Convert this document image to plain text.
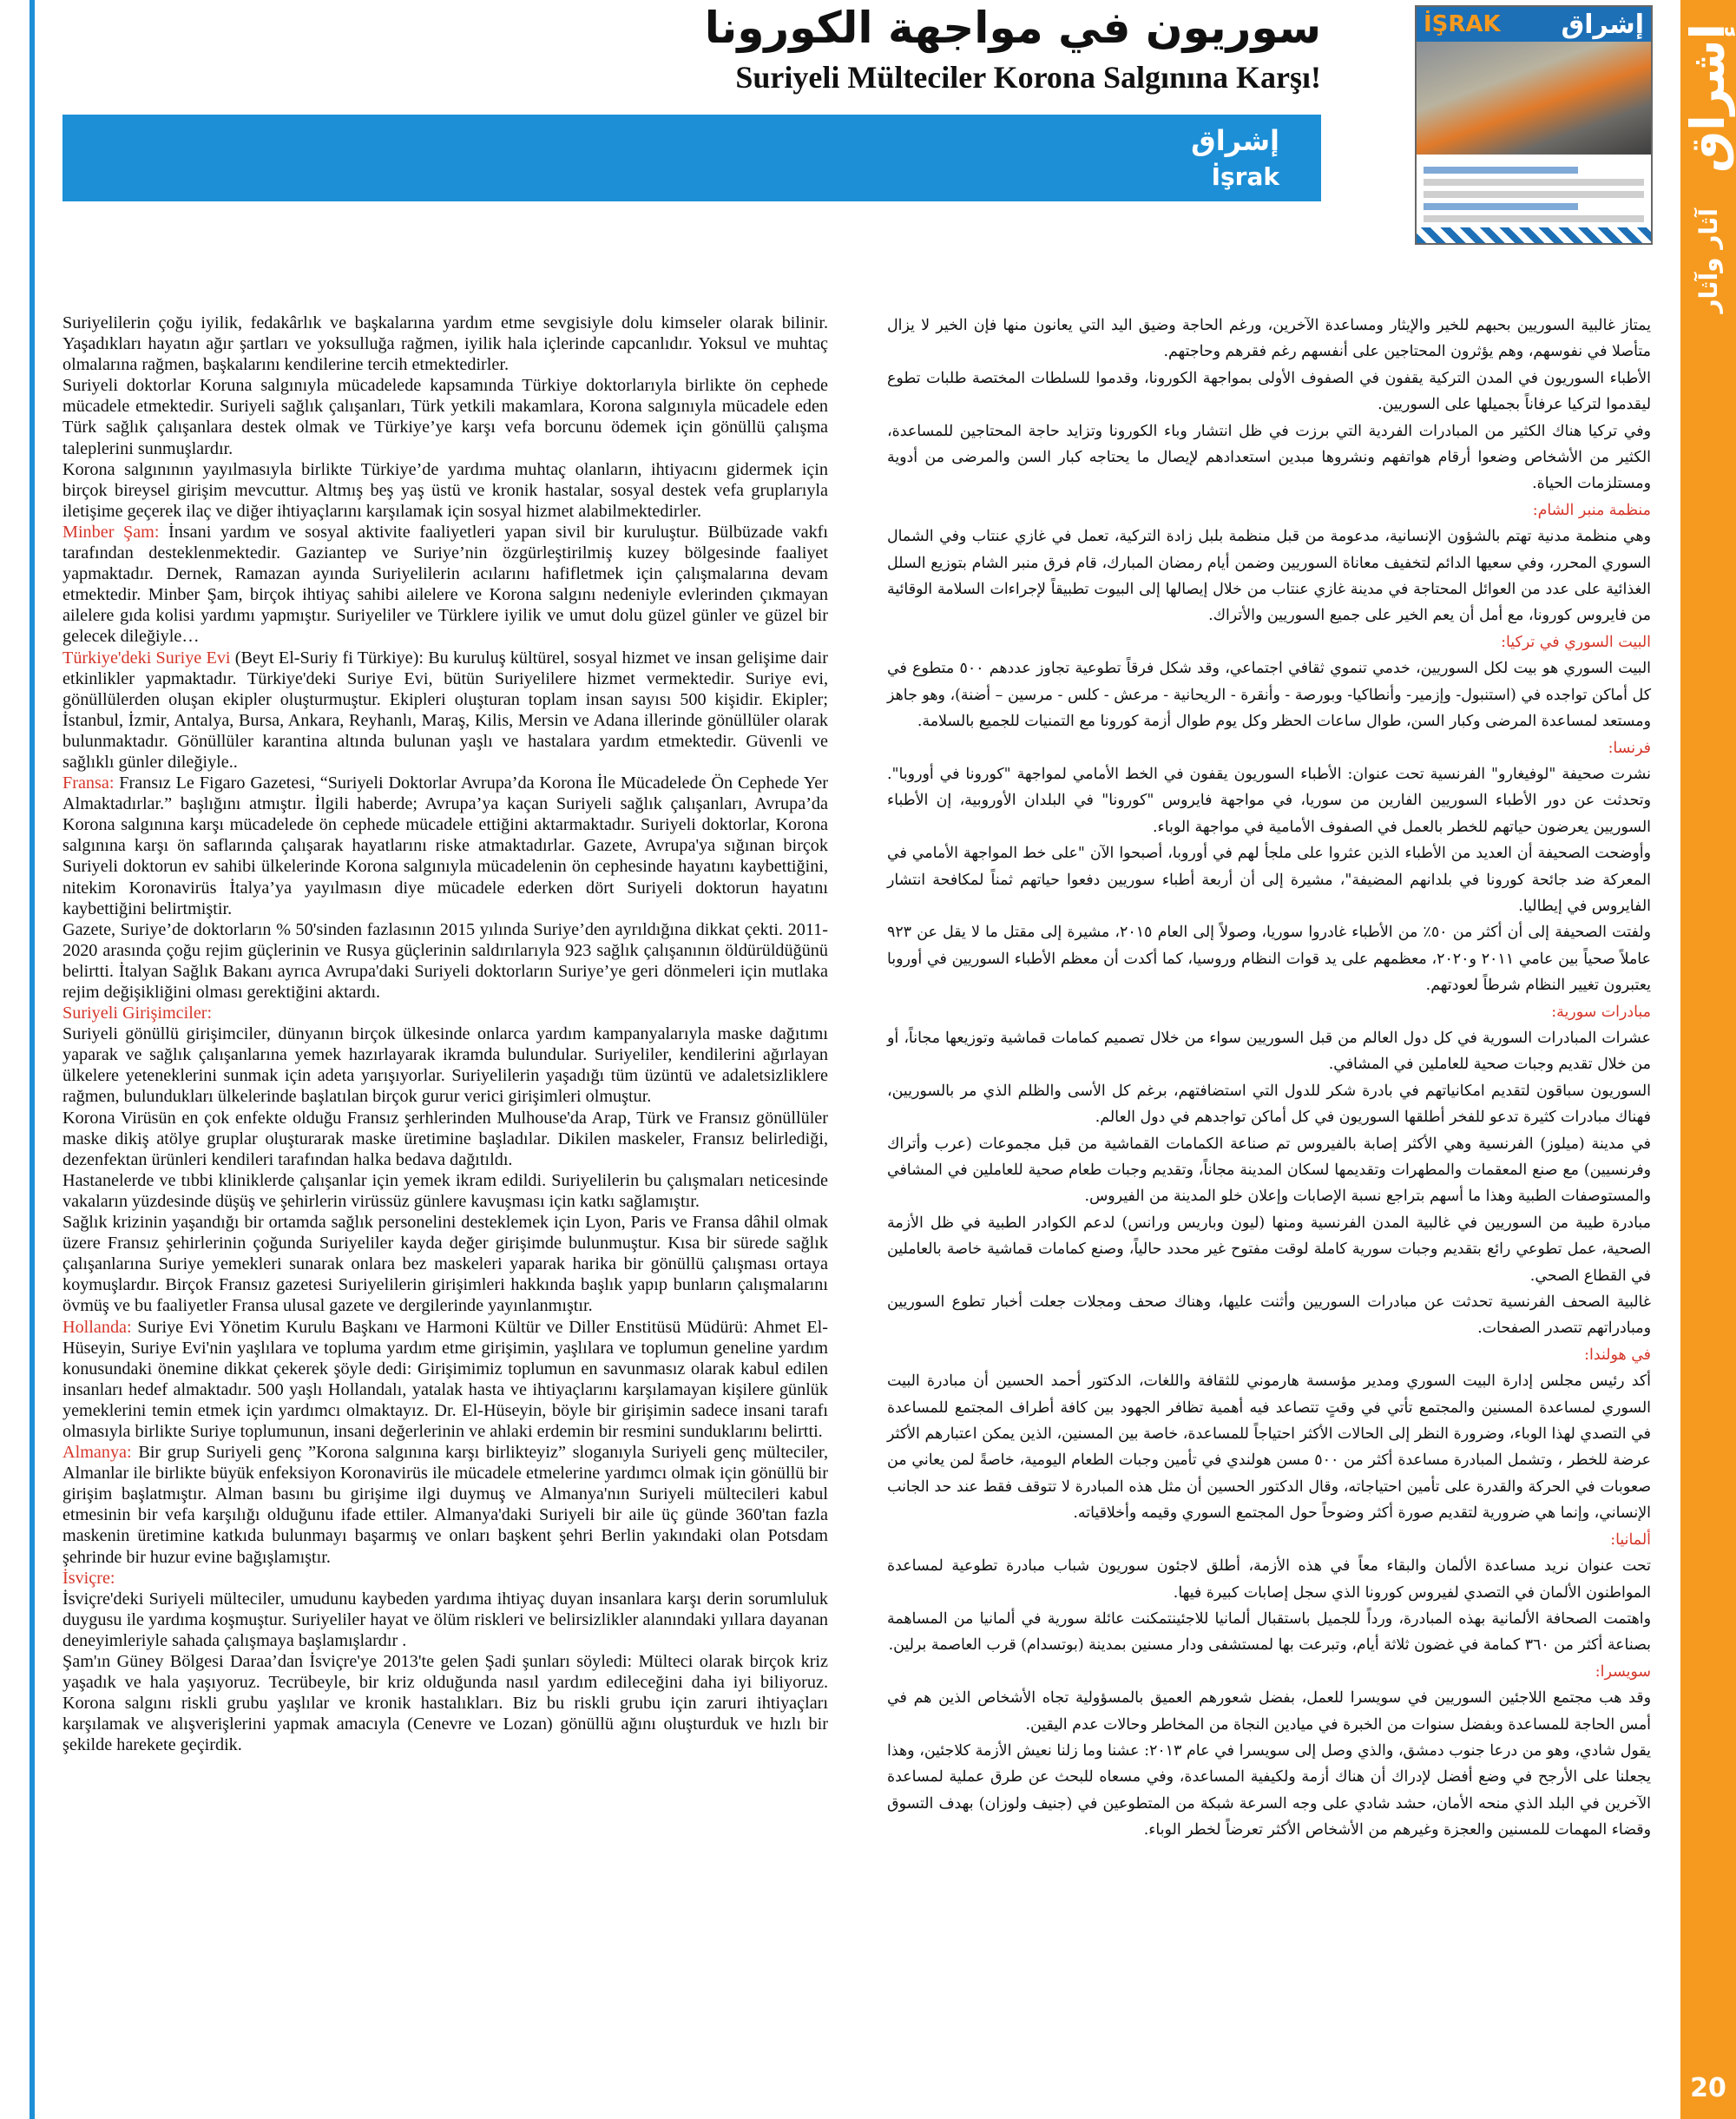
إشراق
آثار وآثار
20
İŞRAK إشراق
سوريون في مواجهة الكورونا
Suriyeli Mülteciler Korona Salgınına Karşı!
إشراق
İşrak

Suriyelilerin çoğu iyilik, fedakârlık ve başkalarına yardım etme sevgisiyle dolu kimseler olarak bilinir. Yaşadıkları hayatın ağır şartları ve yoksulluğa rağmen, iyilik hala içlerinde capcanlıdır. Yoksul ve muhtaç olmalarına rağmen, başkalarını kendilerine tercih etmektedirler.

Suriyeli doktorlar Koruna salgınıyla mücadelede kapsamında Türkiye doktorlarıyla birlikte ön cephede mücadele etmektedir. Suriyeli sağlık çalışanları, Türk yetkili makamlara, Korona salgınıyla mücadele eden Türk sağlık çalışanlara destek olmak ve Türkiye’ye karşı vefa borcunu ödemek için gönüllü çalışma taleplerini sunmuşlardır.

Korona salgınının yayılmasıyla birlikte Türkiye’de yardıma muhtaç olanların, ihtiyacını gidermek için birçok bireysel girişim mevcuttur. Altmış beş yaş üstü ve kronik hastalar, sosyal destek vefa gruplarıyla iletişime geçerek ilaç ve diğer ihtiyaçlarını karşılamak için sosyal hizmet alabilmektedirler.

Minber Şam: İnsani yardım ve sosyal aktivite faaliyetleri yapan sivil bir kuruluştur. Bülbüzade vakfı tarafından desteklenmektedir. Gaziantep ve Suriye’nin özgürleştirilmiş kuzey bölgesinde faaliyet yapmaktadır. Dernek, Ramazan ayında Suriyelilerin acılarını hafifletmek için çalışmalarına devam etmektedir. Minber Şam, birçok ihtiyaç sahibi ailelere ve Korona salgını nedeniyle evlerinden çıkmayan ailelere gıda kolisi yardımı yapmıştır. Suriyeliler ve Türklere iyilik ve umut dolu güzel günler ve güzel bir gelecek dileğiyle…

Türkiye'deki Suriye Evi (Beyt El-Suriy fi Türkiye): Bu kuruluş kültürel, sosyal hizmet ve insan gelişime dair etkinlikler yapmaktadır. Türkiye'deki Suriye Evi, bütün Suriyelilere hizmet vermektedir. Suriye evi, gönüllülerden oluşan ekipler oluşturmuştur. Ekipleri oluşturan toplam insan sayısı 500 kişidir. Ekipler; İstanbul, İzmir, Antalya, Bursa, Ankara, Reyhanlı, Maraş, Kilis, Mersin ve Adana illerinde gönüllüler olarak bulunmaktadır. Gönüllüler karantina altında bulunan yaşlı ve hastalara yardım etmektedir. Güvenli ve sağlıklı günler dileğiyle..

Fransa: Fransız Le Figaro Gazetesi, “Suriyeli Doktorlar Avrupa’da Korona İle Mücadelede Ön Cephede Yer Almaktadırlar.” başlığını atmıştır. İlgili haberde; Avrupa’ya kaçan Suriyeli sağlık çalışanları, Avrupa’da Korona salgınına karşı mücadelede ön cephede mücadele ettiğini aktarmaktadır. Suriyeli doktorlar, Korona salgınına karşı ön saflarında çalışarak hayatlarını riske atmaktadırlar. Gazete, Avrupa'ya sığınan birçok Suriyeli doktorun ev sahibi ülkelerinde Korona salgınıyla mücadelenin ön cephesinde hayatını kaybettiğini, nitekim Koronavirüs İtalya’ya yayılmasın diye mücadele ederken dört Suriyeli doktorun hayatını kaybettiğini belirtmiştir.

Gazete, Suriye’de doktorların % 50'sinden fazlasının 2015 yılında Suriye’den ayrıldığına dikkat çekti. 2011-2020 arasında çoğu rejim güçlerinin ve Rusya güçlerinin saldırılarıyla 923 sağlık çalışanının öldürüldüğünü belirtti. İtalyan Sağlık Bakanı ayrıca Avrupa'daki Suriyeli doktorların Suriye’ye geri dönmeleri için mutlaka rejim değişikliğini olması gerektiğini aktardı.

Suriyeli Girişimciler:

Suriyeli gönüllü girişimciler, dünyanın birçok ülkesinde onlarca yardım kampanyalarıyla maske dağıtımı yaparak ve sağlık çalışanlarına yemek hazırlayarak ikramda bulundular. Suriyeliler, kendilerini ağırlayan ülkelere yeteneklerini sunmak için adeta yarışıyorlar. Suriyelilerin yaşadığı tüm üzüntü ve adaletsizliklere rağmen, bulundukları ülkelerinde başlatılan birçok gurur verici girişimleri olmuştur.

Korona Virüsün en çok enfekte olduğu Fransız şerhlerinden Mulhouse'da Arap, Türk ve Fransız gönüllüler maske dikiş atölye gruplar oluşturarak maske üretimine başladılar. Dikilen maskeler, Fransız belirlediği, dezenfektan ürünleri kendileri tarafından halka bedava dağıtıldı.

Hastanelerde ve tıbbi kliniklerde çalışanlar için yemek ikram edildi. Suriyelilerin bu çalışmaları neticesinde vakaların yüzdesinde düşüş ve şehirlerin virüssüz günlere kavuşması için katkı sağlamıştır.

Sağlık krizinin yaşandığı bir ortamda sağlık personelini desteklemek için Lyon, Paris ve Fransa dâhil olmak üzere Fransız şehirlerinin çoğunda Suriyeliler kayda değer girişimde bulunmuştur. Kısa bir sürede sağlık çalışanlarına Suriye yemekleri sunarak onlara bez maskeleri yaparak harika bir gönüllü çalışması ortaya koymuşlardır. Birçok Fransız gazetesi Suriyelilerin girişimleri hakkında başlık yapıp bunların çalışmalarını övmüş ve bu faaliyetler Fransa ulusal gazete ve dergilerinde yayınlanmıştır.

Hollanda: Suriye Evi Yönetim Kurulu Başkanı ve Harmoni Kültür ve Diller Enstitüsü Müdürü: Ahmet El-Hüseyin, Suriye Evi'nin yaşlılara ve topluma yardım etme girişimin, yaşlılara ve toplumun geneline yardım konusundaki önemine dikkat çekerek şöyle dedi: Girişimimiz toplumun en savunmasız olarak kabul edilen insanları hedef almaktadır. 500 yaşlı Hollandalı, yatalak hasta ve ihtiyaçlarını karşılamayan kişilere günlük yemeklerini temin etmek için yardımcı olmaktayız. Dr. El-Hüseyin, böyle bir girişimin sadece insani tarafı olmasıyla birlikte Suriye toplumunun, insani değerlerinin ve ahlaki erdemin bir resmini sunduklarını belirtti.

Almanya: Bir grup Suriyeli genç ”Korona salgınına karşı birlikteyiz” sloganıyla Suriyeli genç mülteciler, Almanlar ile birlikte büyük enfeksiyon Koronavirüs ile mücadele etmelerine yardımcı olmak için gönüllü bir girişim başlatmıştır. Alman basını bu girişime ilgi duymuş ve Almanya'nın Suriyeli mültecileri kabul etmesinin bir vefa karşılığı olduğunu ifade ettiler. Almanya'daki Suriyeli bir aile üç günde 360'tan fazla maskenin üretimine katkıda bulunmayı başarmış ve onları başkent şehri Berlin yakındaki olan Potsdam şehrinde bir huzur evine bağışlamıştır.

İsviçre:

İsviçre'deki Suriyeli mülteciler, umudunu kaybeden yardıma ihtiyaç duyan insanlara karşı derin sorumluluk duygusu ile yardıma koşmuştur. Suriyeliler hayat ve ölüm riskleri ve belirsizlikler alanındaki yıllara dayanan deneyimleriyle sahada çalışmaya başlamışlardır .

Şam'ın Güney Bölgesi Daraa’dan İsviçre'ye 2013'te gelen Şadi şunları söyledi: Mülteci olarak birçok kriz yaşadık ve hala yaşıyoruz. Tecrübeyle, bir kriz olduğunda nasıl yardım edileceğini daha iyi biliyoruz. Korona salgını riskli grubu yaşlılar ve kronik hastalıkları. Biz bu riskli grubu için zaruri ihtiyaçları karşılamak ve alışverişlerini yapmak amacıyla (Cenevre ve Lozan) gönüllü ağını oluşturduk ve hızlı bir şekilde harekete geçirdik.

يمتاز غالبية السوريين بحبهم للخير والإيثار ومساعدة الآخرين، ورغم الحاجة وضيق اليد التي يعانون منها فإن الخير لا يزال متأصلا في نفوسهم، وهم يؤثرون المحتاجين على أنفسهم رغم فقرهم وحاجتهم.

الأطباء السوريون في المدن التركية يقفون في الصفوف الأولى بمواجهة الكورونا، وقدموا للسلطات المختصة طلبات تطوع ليقدموا لتركيا عرفاناً بجميلها على السوريين.

وفي تركيا هناك الكثير من المبادرات الفردية التي برزت في ظل انتشار وباء الكورونا وتزايد حاجة المحتاجين للمساعدة، الكثير من الأشخاص وضعوا أرقام هواتفهم ونشروها مبدين استعدادهم لإيصال ما يحتاجه كبار السن والمرضى من أدوية ومستلزمات الحياة.

منظمة منبر الشام:

وهي منظمة مدنية تهتم بالشؤون الإنسانية، مدعومة من قبل منظمة بلبل زادة التركية، تعمل في غازي عنتاب وفي الشمال السوري المحرر، وفي سعيها الدائم لتخفيف معاناة السوريين وضمن أيام رمضان المبارك، قام فرق منبر الشام بتوزيع السلل الغذائية على عدد من العوائل المحتاجة في مدينة غازي عنتاب من خلال إيصالها إلى البيوت تطبيقاً لإجراءات السلامة الوقائية من فايروس كورونا، مع أمل أن يعم الخير على جميع السوريين والأتراك.

البيت السوري في تركيا:

البيت السوري هو بيت لكل السوريين، خدمي تنموي ثقافي اجتماعي، وقد شكل فرقاً تطوعية تجاوز عددهم ٥٠٠ متطوع في كل أماكن تواجده في (استنبول- وإزمير- وأنطاكيا- وبورصة - وأنقرة - الريحانية - مرعش - كلس - مرسين – أضنة)، وهو جاهز ومستعد لمساعدة المرضى وكبار السن، طوال ساعات الحظر وكل يوم طوال أزمة كورونا مع التمنيات للجميع بالسلامة.

فرنسا:

نشرت صحيفة "لوفيغارو" الفرنسية تحت عنوان: الأطباء السوريون يقفون في الخط الأمامي لمواجهة "كورونا في أوروبا". وتحدثت عن دور الأطباء السوريين الفارين من سوريا، في مواجهة فايروس "كورونا" في البلدان الأوروبية، إن الأطباء السوريين يعرضون حياتهم للخطر بالعمل في الصفوف الأمامية في مواجهة الوباء.

وأوضحت الصحيفة أن العديد من الأطباء الذين عثروا على ملجأ لهم في أوروبا، أصبحوا الآن "على خط المواجهة الأمامي في المعركة ضد جائحة كورونا في بلدانهم المضيفة"، مشيرة إلى أن أربعة أطباء سوريين دفعوا حياتهم ثمناً لمكافحة انتشار الفايروس في إيطاليا.

ولفتت الصحيفة إلى أن أكثر من ٥٠٪ من الأطباء غادروا سوريا، وصولاً إلى العام ٢٠١٥، مشيرة إلى مقتل ما لا يقل عن ٩٢٣ عاملاً صحياً بين عامي ٢٠١١ و٢٠٢٠، معظمهم على يد قوات النظام وروسيا، كما أكدت أن معظم الأطباء السوريين في أوروبا يعتبرون تغيير النظام شرطاً لعودتهم.

مبادرات سورية:

عشرات المبادرات السورية في كل دول العالم من قبل السوريين سواء من خلال تصميم كمامات قماشية وتوزيعها مجاناً، أو من خلال تقديم وجبات صحية للعاملين في المشافي.

السوريون سباقون لتقديم امكانياتهم في بادرة شكر للدول التي استضافتهم، برغم كل الأسى والظلم الذي مر بالسوريين، فهناك مبادرات كثيرة تدعو للفخر أطلقها السوريون في كل أماكن تواجدهم في دول العالم.

في مدينة (ميلوز) الفرنسية وهي الأكثر إصابة بالفيروس تم صناعة الكمامات القماشية من قبل مجموعات (عرب وأتراك وفرنسيين) مع صنع المعقمات والمطهرات وتقديمها لسكان المدينة مجاناً، وتقديم وجبات طعام صحية للعاملين في المشافي والمستوصفات الطبية وهذا ما أسهم بتراجع نسبة الإصابات وإعلان خلو المدينة من الفيروس.

مبادرة طيبة من السوريين في غالبية المدن الفرنسية ومنها (ليون وباريس ورانس) لدعم الكوادر الطبية في ظل الأزمة الصحية، عمل تطوعي رائع بتقديم وجبات سورية كاملة لوقت مفتوح غير محدد حالياً، وصنع كمامات قماشية خاصة بالعاملين في القطاع الصحي.

غالبية الصحف الفرنسية تحدثت عن مبادرات السوريين وأثنت عليها، وهناك صحف ومجلات جعلت أخبار تطوع السوريين ومبادراتهم تتصدر الصفحات.

في هولندا:

أكد رئيس مجلس إدارة البيت السوري ومدير مؤسسة هارموني للثقافة واللغات، الدكتور أحمد الحسين أن مبادرة البيت السوري لمساعدة المسنين والمجتمع تأتي في وقتٍ تتصاعد فيه أهمية تظافر الجهود بين كافة أطراف المجتمع للمساعدة في التصدي لهذا الوباء، وضرورة النظر إلى الحالات الأكثر احتياجاً للمساعدة، خاصة بين المسنين، الذين يمكن اعتبارهم الأكثر عرضة للخطر ، وتشمل المبادرة مساعدة أكثر من ٥٠٠ مسن هولندي في تأمين وجبات الطعام اليومية، خاصةً لمن يعاني من صعوبات في الحركة والقدرة على تأمين احتياجاته، وقال الدكتور الحسين أن مثل هذه المبادرة لا تتوقف فقط عند حد الجانب الإنساني، وإنما هي ضرورية لتقديم صورة أكثر وضوحاً حول المجتمع السوري وقيمه وأخلاقياته.

ألمانيا:

تحت عنوان نريد مساعدة الألمان والبقاء معاً في هذه الأزمة، أطلق لاجئون سوريون شباب مبادرة تطوعية لمساعدة المواطنون الألمان في التصدي لفيروس كورونا الذي سجل إصابات كبيرة فيها.

واهتمت الصحافة الألمانية بهذه المبادرة، ورداً للجميل باستقبال ألمانيا للاجئينتمكنت عائلة سورية في ألمانيا من المساهمة بصناعة أكثر من ٣٦٠ كمامة في غضون ثلاثة أيام، وتبرعت بها لمستشفى ودار مسنين بمدينة (بوتسدام) قرب العاصمة برلين.

سويسرا:

وقد هب مجتمع اللاجئين السوريين في سويسرا للعمل، بفضل شعورهم العميق بالمسؤولية تجاه الأشخاص الذين هم في أمس الحاجة للمساعدة وبفضل سنوات من الخبرة في ميادين النجاة من المخاطر وحالات عدم اليقين.

يقول شادي، وهو من درعا جنوب دمشق، والذي وصل إلى سويسرا في عام ٢٠١٣: عشنا وما زلنا نعيش الأزمة كلاجئين، وهذا يجعلنا على الأرجح في وضع أفضل لإدراك أن هناك أزمة ولكيفية المساعدة، وفي مسعاه للبحث عن طرق عملية لمساعدة الآخرين في البلد الذي منحه الأمان، حشد شادي على وجه السرعة شبكة من المتطوعين في (جنيف ولوزان) بهدف التسوق وقضاء المهمات للمسنين والعجزة وغيرهم من الأشخاص الأكثر تعرضاً لخطر الوباء.
